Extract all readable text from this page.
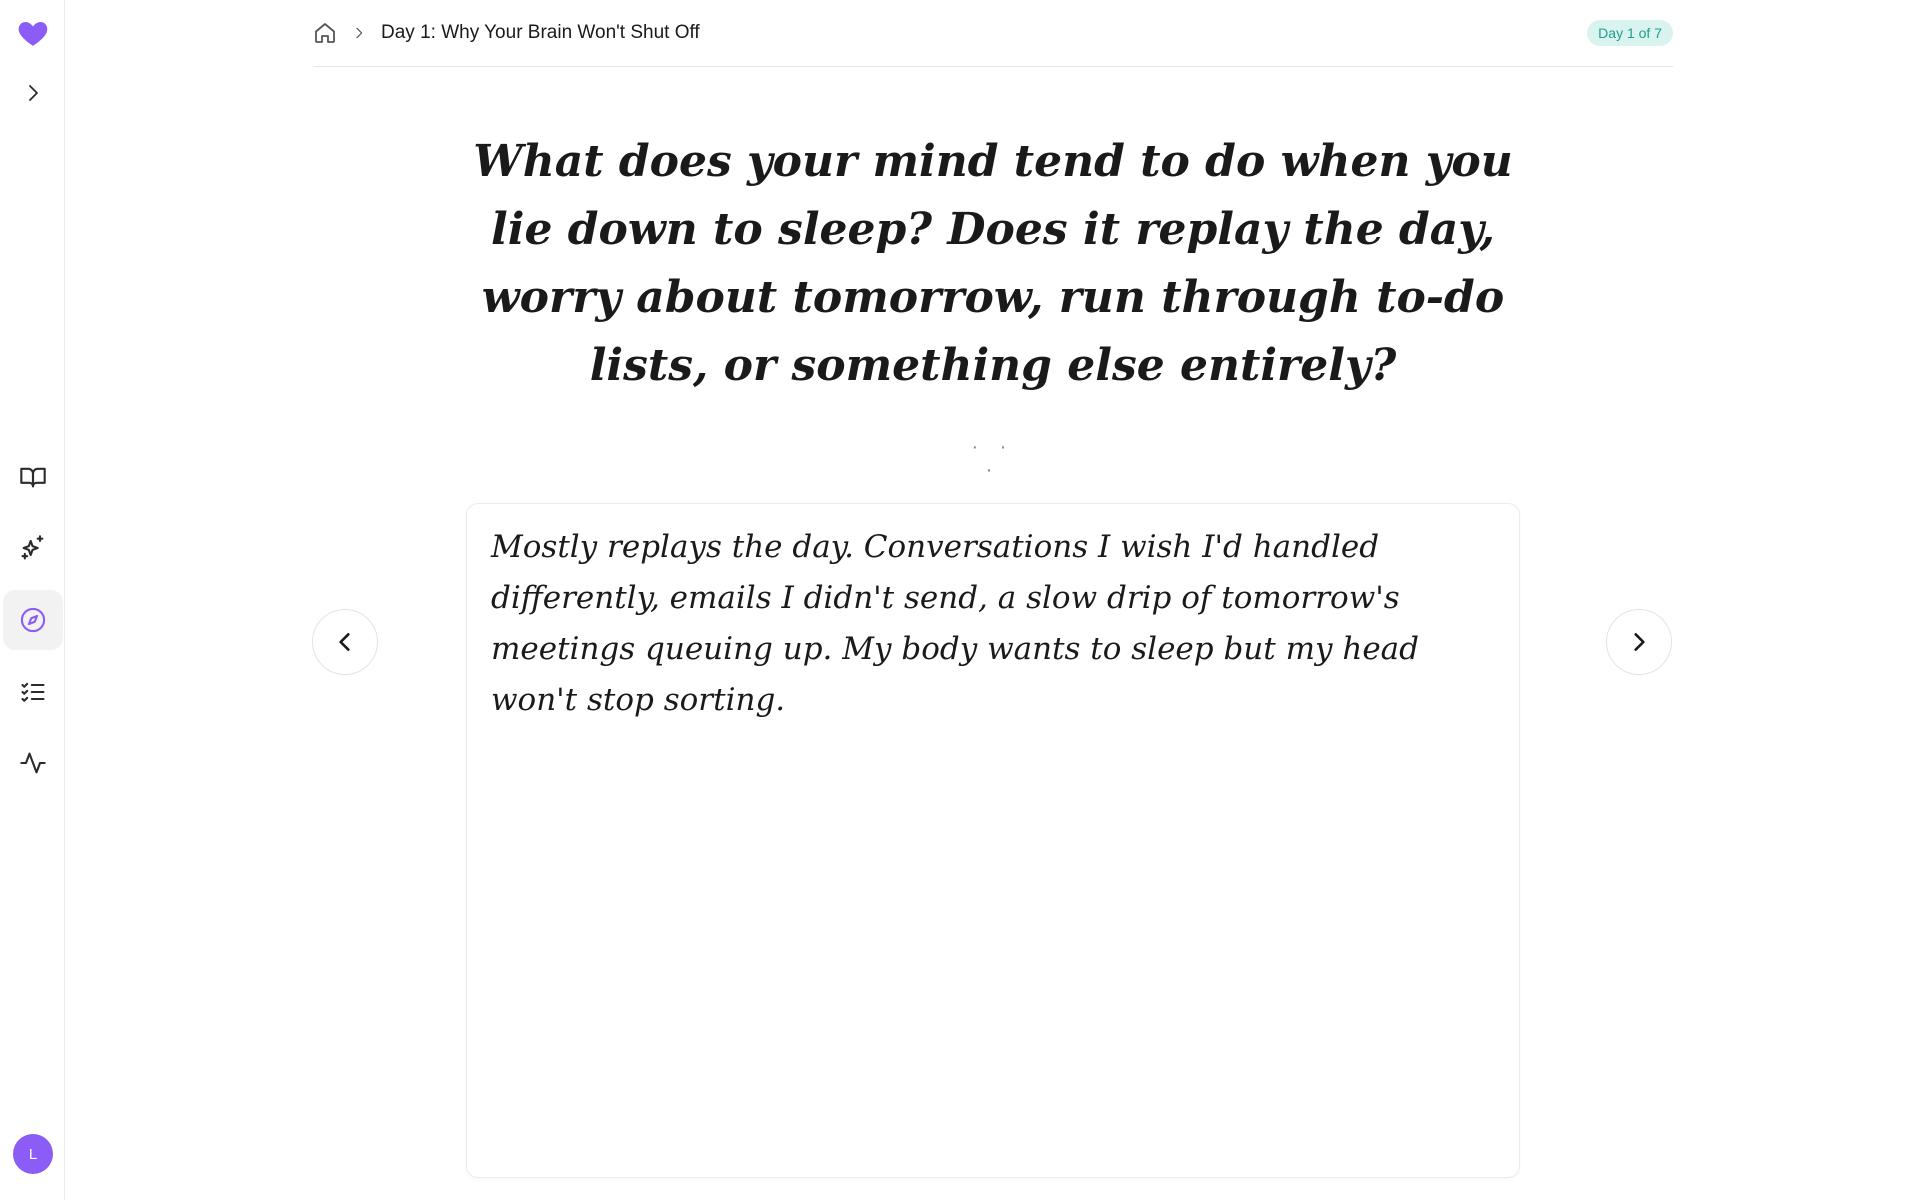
L
Day 1: Why Your Brain Won't Shut Off	Day 1 of 7
What does your mind tend to do when you lie down to sleep? Does it replay the day, worry about tomorrow, run through to-do lists, or something else entirely?
· · ·

Mostly replays the day. Conversations I wish I'd handled differently, emails I didn't send, a slow drip of tomorrow's meetings queuing up. My body wants to sleep but my head won't stop sorting.
